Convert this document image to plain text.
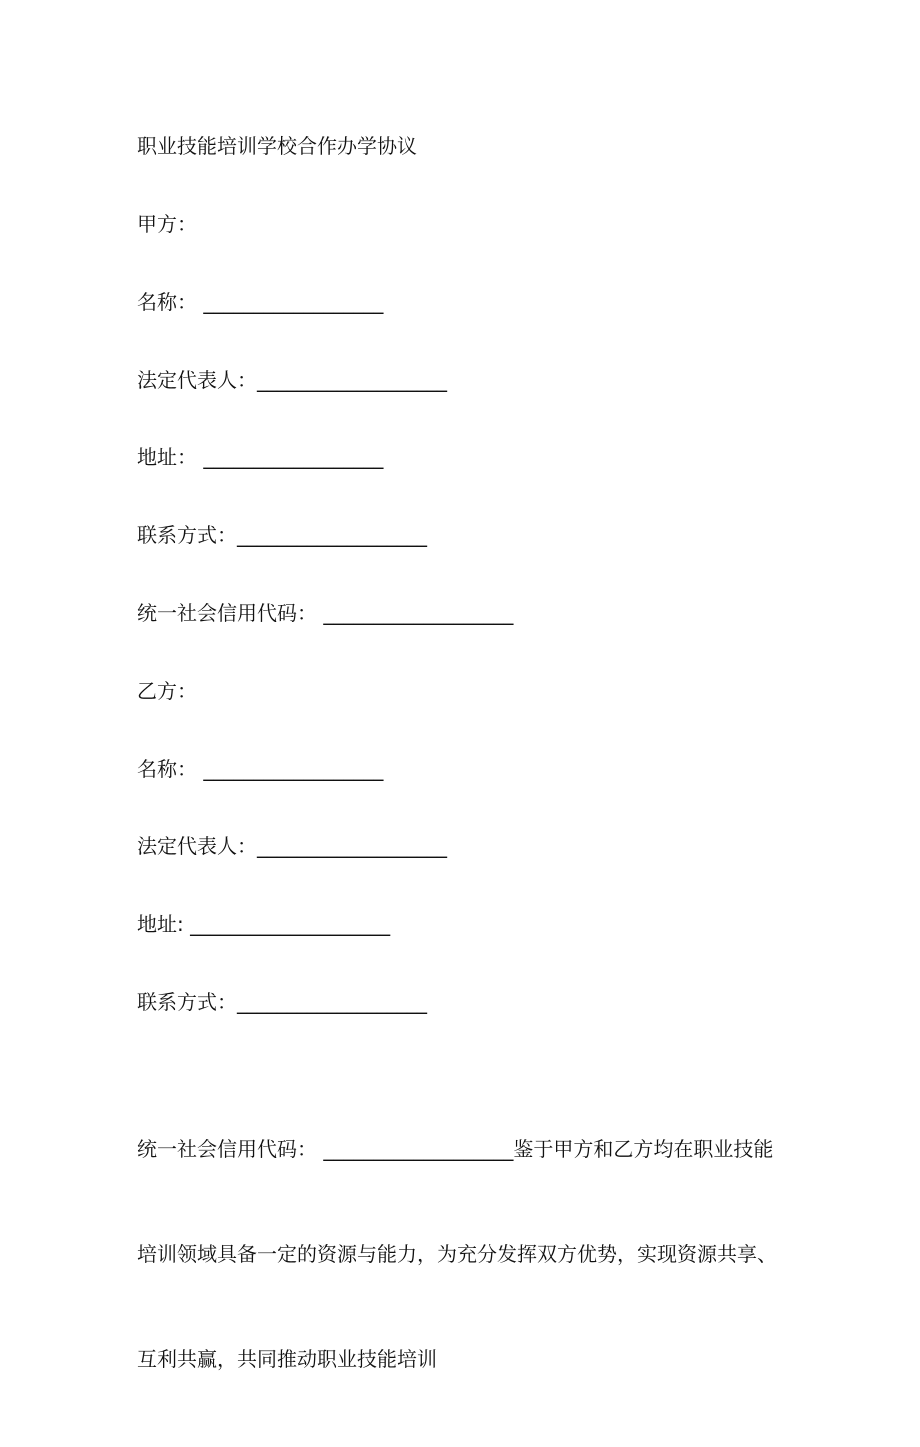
职业技能培训学校合作办学协议
甲方：
名称： __________________
法定代表人：___________________
地址： __________________
联系方式：___________________
统一社会信用代码： ___________________
乙方：
名称： __________________
法定代表人：___________________
地址: ____________________
联系方式：___________________

统一社会信用代码： ___________________鉴于甲方和乙方均在职业技能

培训领域具备一定的资源与能力，为充分发挥双方优势，实现资源共享、

互利共赢，共同推动职业技能培训
